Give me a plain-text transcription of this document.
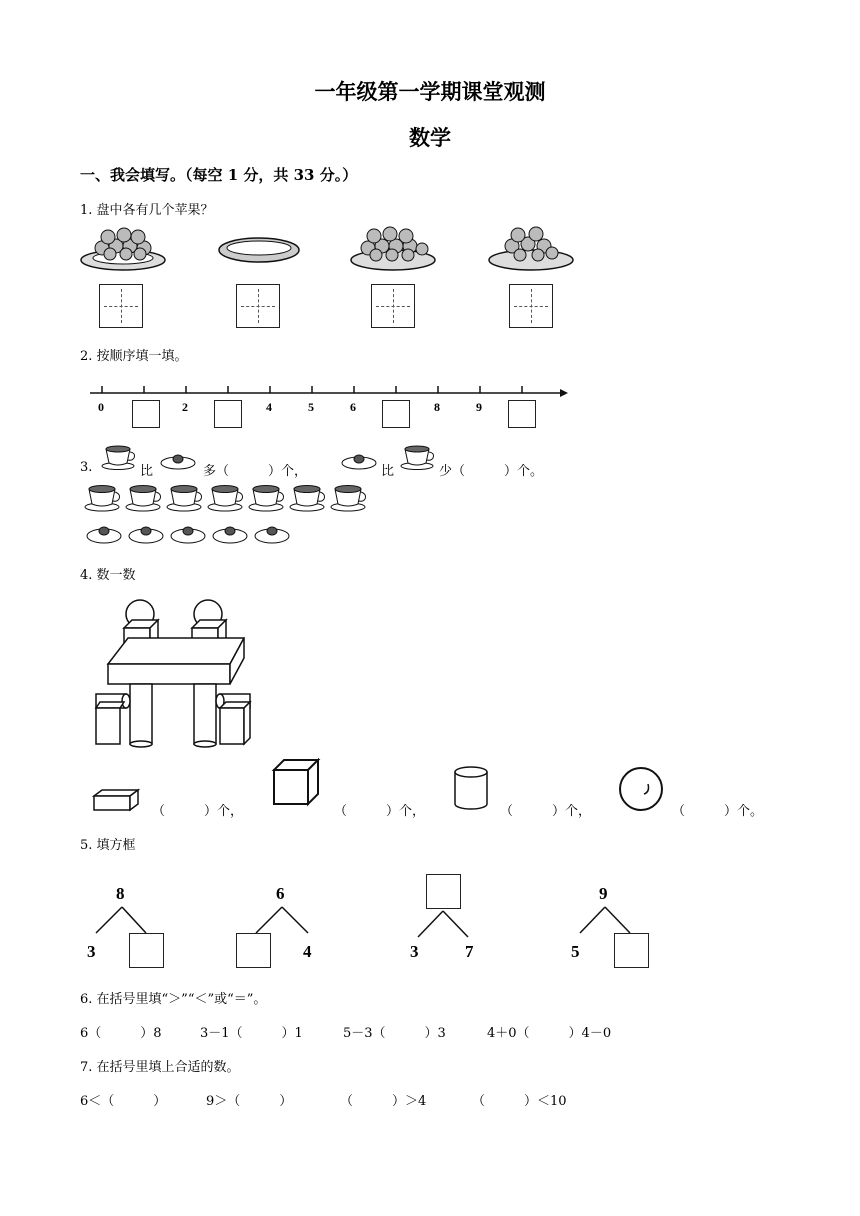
一年级第一学期课堂观测
数学
一、我会填写。（每空 1 分，共 33 分。）
1. 盘中各有几个苹果？
2. 按顺序填一填。
0	2	4	5	6	8	9
3.	比	多（　　　）个，	比	少（　　　）个。
4. 数一数
（　　　）个，	（　　　）个，	（　　　）个，	（　　　）个。
5. 填方框
8
3
6
4	3	7
9
5
6. 在括号里填“＞”“＜”或“＝”。
6（　　　）8	3－1（　　　）1	5－3（　　　）3	4＋0（　　　）4－0
7. 在括号里填上合适的数。
6＜（　　　）	9＞（　　　）	（　　　）＞4	（　　　）＜10
